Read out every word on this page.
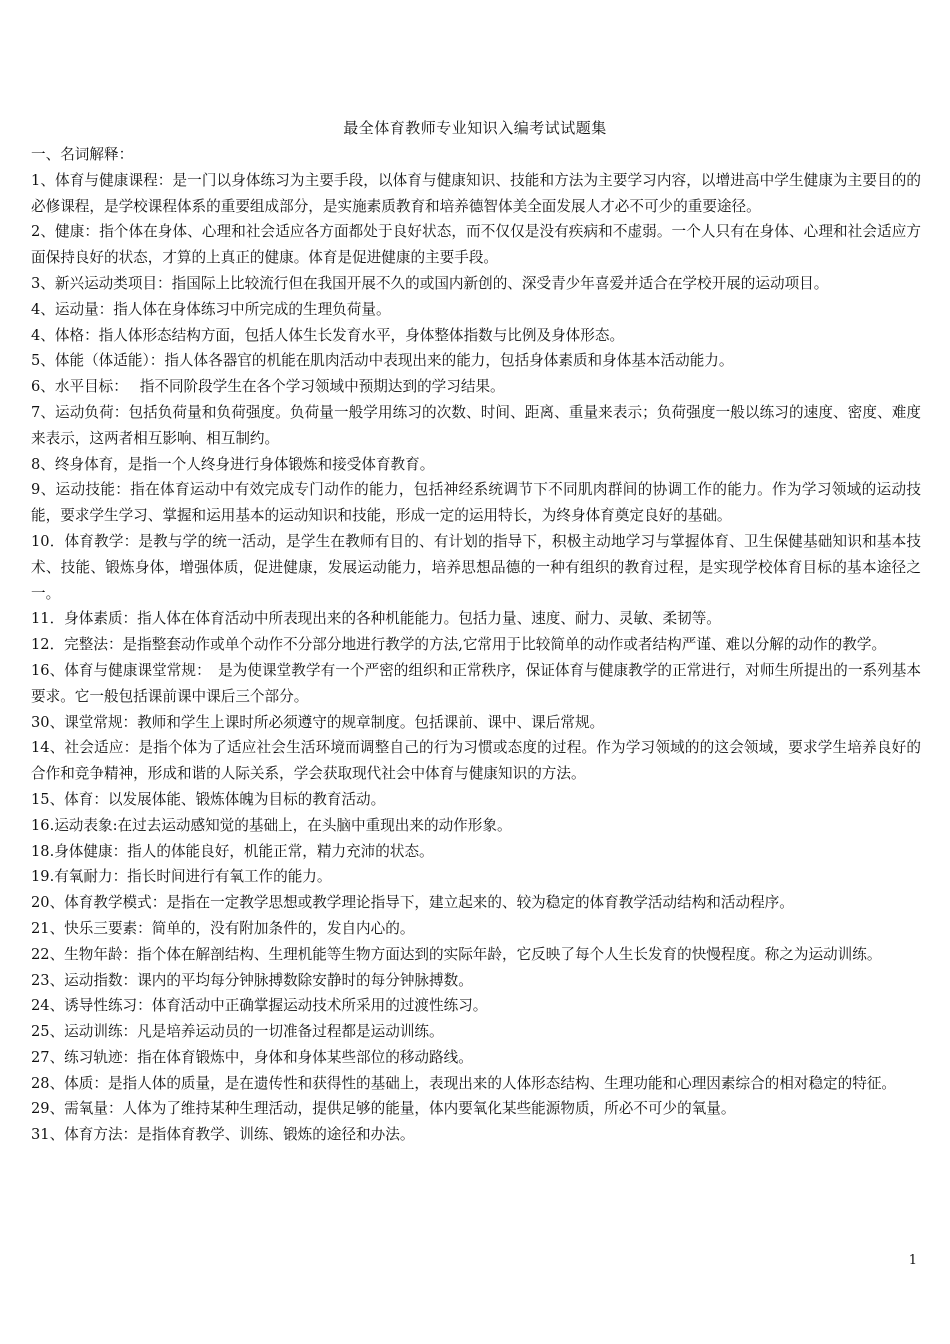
最全体育教师专业知识入编考试试题集

一、名词解释：

1、体育与健康课程：是一门以身体练习为主要手段，以体育与健康知识、技能和方法为主要学习内容，以增进高中学生健康为主要目的的必修课程，是学校课程体系的重要组成部分，是实施素质教育和培养德智体美全面发展人才必不可少的重要途径。

2、健康：指个体在身体、心理和社会适应各方面都处于良好状态，而不仅仅是没有疾病和不虚弱。一个人只有在身体、心理和社会适应方面保持良好的状态，才算的上真正的健康。体育是促进健康的主要手段。

3、新兴运动类项目：指国际上比较流行但在我国开展不久的或国内新创的、深受青少年喜爱并适合在学校开展的运动项目。

4、运动量：指人体在身体练习中所完成的生理负荷量。

4、体格：指人体形态结构方面，包括人体生长发育水平，身体整体指数与比例及身体形态。

5、体能（体适能）：指人体各器官的机能在肌肉活动中表现出来的能力，包括身体素质和身体基本活动能力。

6、水平目标：　 指不同阶段学生在各个学习领域中预期达到的学习结果。

7、运动负荷：包括负荷量和负荷强度。负荷量一般学用练习的次数、时间、距离、重量来表示；负荷强度一般以练习的速度、密度、难度来表示，这两者相互影响、相互制约。

8、终身体育，是指一个人终身进行身体锻炼和接受体育教育。

9、运动技能：指在体育运动中有效完成专门动作的能力，包括神经系统调节下不同肌肉群间的协调工作的能力。作为学习领域的运动技能，要求学生学习、掌握和运用基本的运动知识和技能，形成一定的运用特长，为终身体育奠定良好的基础。

10．体育教学：是教与学的统一活动，是学生在教师有目的、有计划的指导下，积极主动地学习与掌握体育、卫生保健基础知识和基本技术、技能、锻炼身体，增强体质，促进健康，发展运动能力，培养思想品德的一种有组织的教育过程，是实现学校体育目标的基本途径之一。

11．身体素质：指人体在体育活动中所表现出来的各种机能能力。包括力量、速度、耐力、灵敏、柔韧等。

12．完整法：是指整套动作或单个动作不分部分地进行教学的方法,它常用于比较简单的动作或者结构严谨、难以分解的动作的教学。

16、体育与健康课堂常规：　是为使课堂教学有一个严密的组织和正常秩序，保证体育与健康教学的正常进行，对师生所提出的一系列基本要求。它一般包括课前课中课后三个部分。

30、课堂常规：教师和学生上课时所必须遵守的规章制度。包括课前、课中、课后常规。

14、社会适应：是指个体为了适应社会生活环境而调整自己的行为习惯或态度的过程。作为学习领域的的这会领域，要求学生培养良好的合作和竞争精神，形成和谐的人际关系，学会获取现代社会中体育与健康知识的方法。

15、体育：以发展体能、锻炼体魄为目标的教育活动。

16.运动表象:在过去运动感知觉的基础上，在头脑中重现出来的动作形象。

18.身体健康：指人的体能良好，机能正常，精力充沛的状态。

19.有氧耐力：指长时间进行有氧工作的能力。

20、体育教学模式：是指在一定教学思想或教学理论指导下，建立起来的、较为稳定的体育教学活动结构和活动程序。

21、快乐三要素：简单的，没有附加条件的，发自内心的。

22、生物年龄：指个体在解剖结构、生理机能等生物方面达到的实际年龄，它反映了每个人生长发育的快慢程度。称之为运动训练。

23、运动指数：课内的平均每分钟脉搏数除安静时的每分钟脉搏数。

24、诱导性练习：体育活动中正确掌握运动技术所采用的过渡性练习。

25、运动训练：凡是培养运动员的一切准备过程都是运动训练。

27、练习轨迹：指在体育锻炼中，身体和身体某些部位的移动路线。

28、体质：是指人体的质量，是在遗传性和获得性的基础上，表现出来的人体形态结构、生理功能和心理因素综合的相对稳定的特征。

29、需氧量：人体为了维持某种生理活动，提供足够的能量，体内要氧化某些能源物质，所必不可少的氧量。

31、体育方法：是指体育教学、训练、锻炼的途径和办法。

1
